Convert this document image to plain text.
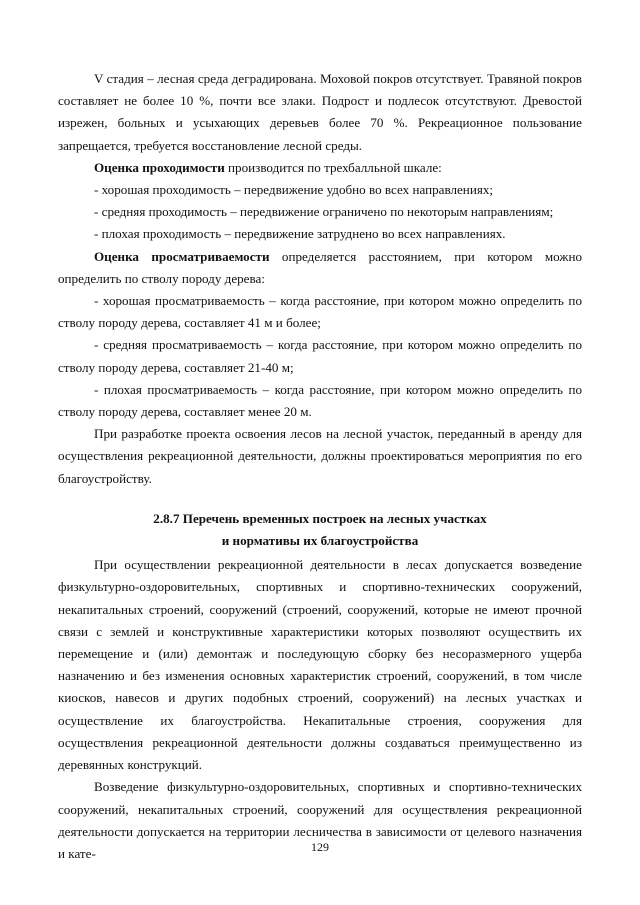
V стадия – лесная среда деградирована. Моховой покров отсутствует. Травяной покров составляет не более 10 %, почти все злаки. Подрост и подлесок отсутствуют. Древостой изрежен, больных и усыхающих деревьев более 70 %. Рекреационное пользование запрещается, требуется восстановление лесной среды.

Оценка проходимости производится по трехбалльной шкале:

- хорошая проходимость – передвижение удобно во всех направлениях;

- средняя проходимость – передвижение ограничено по некоторым направлениям;

- плохая проходимость – передвижение затруднено во всех направлениях.

Оценка просматриваемости определяется расстоянием, при котором можно определить по стволу породу дерева:

- хорошая просматриваемость – когда расстояние, при котором можно определить по стволу породу дерева, составляет 41 м и более;

- средняя просматриваемость – когда расстояние, при котором можно определить по стволу породу дерева, составляет 21-40 м;

- плохая просматриваемость – когда расстояние, при котором можно определить по стволу породу дерева, составляет менее 20 м.

При разработке проекта освоения лесов на лесной участок, переданный в аренду для осуществления рекреационной деятельности, должны проектироваться мероприятия по его благоустройству.

2.8.7 Перечень временных построек на лесных участках

и нормативы их благоустройства

При осуществлении рекреационной деятельности в лесах допускается возведение физкультурно-оздоровительных, спортивных и спортивно-технических сооружений, некапитальных строений, сооружений (строений, сооружений, которые не имеют прочной связи с землей и конструктивные характеристики которых позволяют осуществить их перемещение и (или) демонтаж и последующую сборку без несоразмерного ущерба назначению и без изменения основных характеристик строений, сооружений, в том числе киосков, навесов и других подобных строений, сооружений) на лесных участках и осуществление их благоустройства. Некапитальные строения, сооружения для осуществления рекреационной деятельности должны создаваться преимущественно из деревянных конструкций.

Возведение физкультурно-оздоровительных, спортивных и спортивно-технических сооружений, некапитальных строений, сооружений для осуществления рекреационной деятельности допускается на территории лесничества в зависимости от целевого назначения и кате-	129
